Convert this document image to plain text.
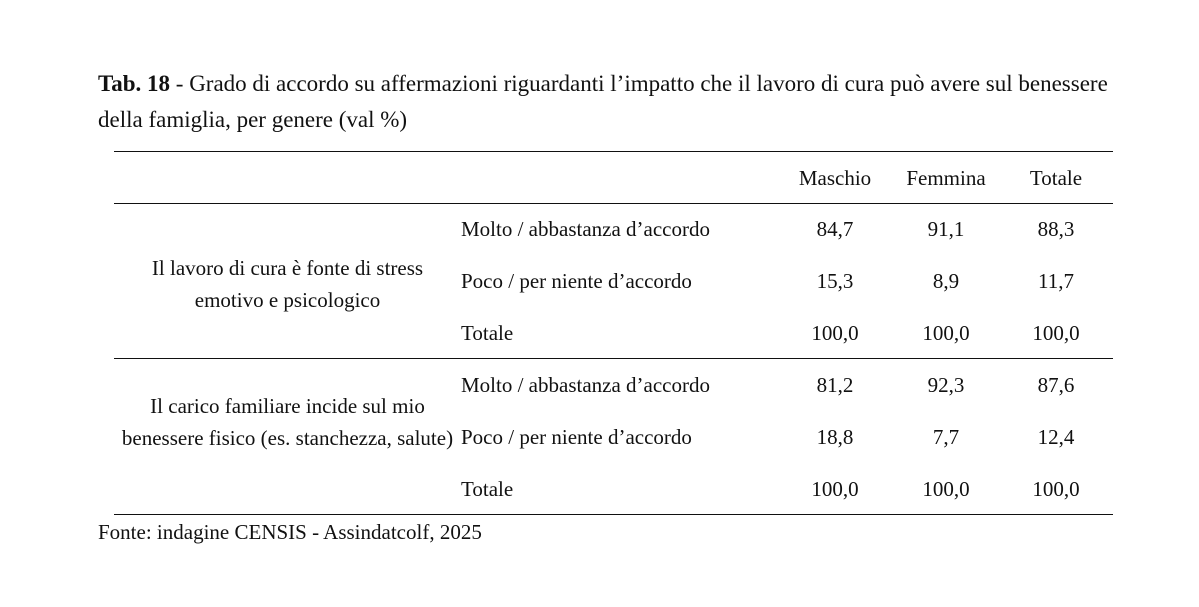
Tab. 18 - Grado di accordo su affermazioni riguardanti l’impatto che il lavoro di cura può avere sul benessere della famiglia, per genere (val %)
Maschio	Femmina	Totale
Il lavoro di cura è fonte di stress emotivo e psicologico
Molto / abbastanza d’accordo	84,7	91,1	88,3
Poco / per niente d’accordo	15,3	8,9	11,7
Totale	100,0	100,0	100,0
Il carico familiare incide sul mio benessere fisico (es. stanchezza, salute)
Molto / abbastanza d’accordo	81,2	92,3	87,6
Poco / per niente d’accordo	18,8	7,7	12,4
Totale	100,0	100,0	100,0
Fonte: indagine CENSIS - Assindatcolf, 2025
